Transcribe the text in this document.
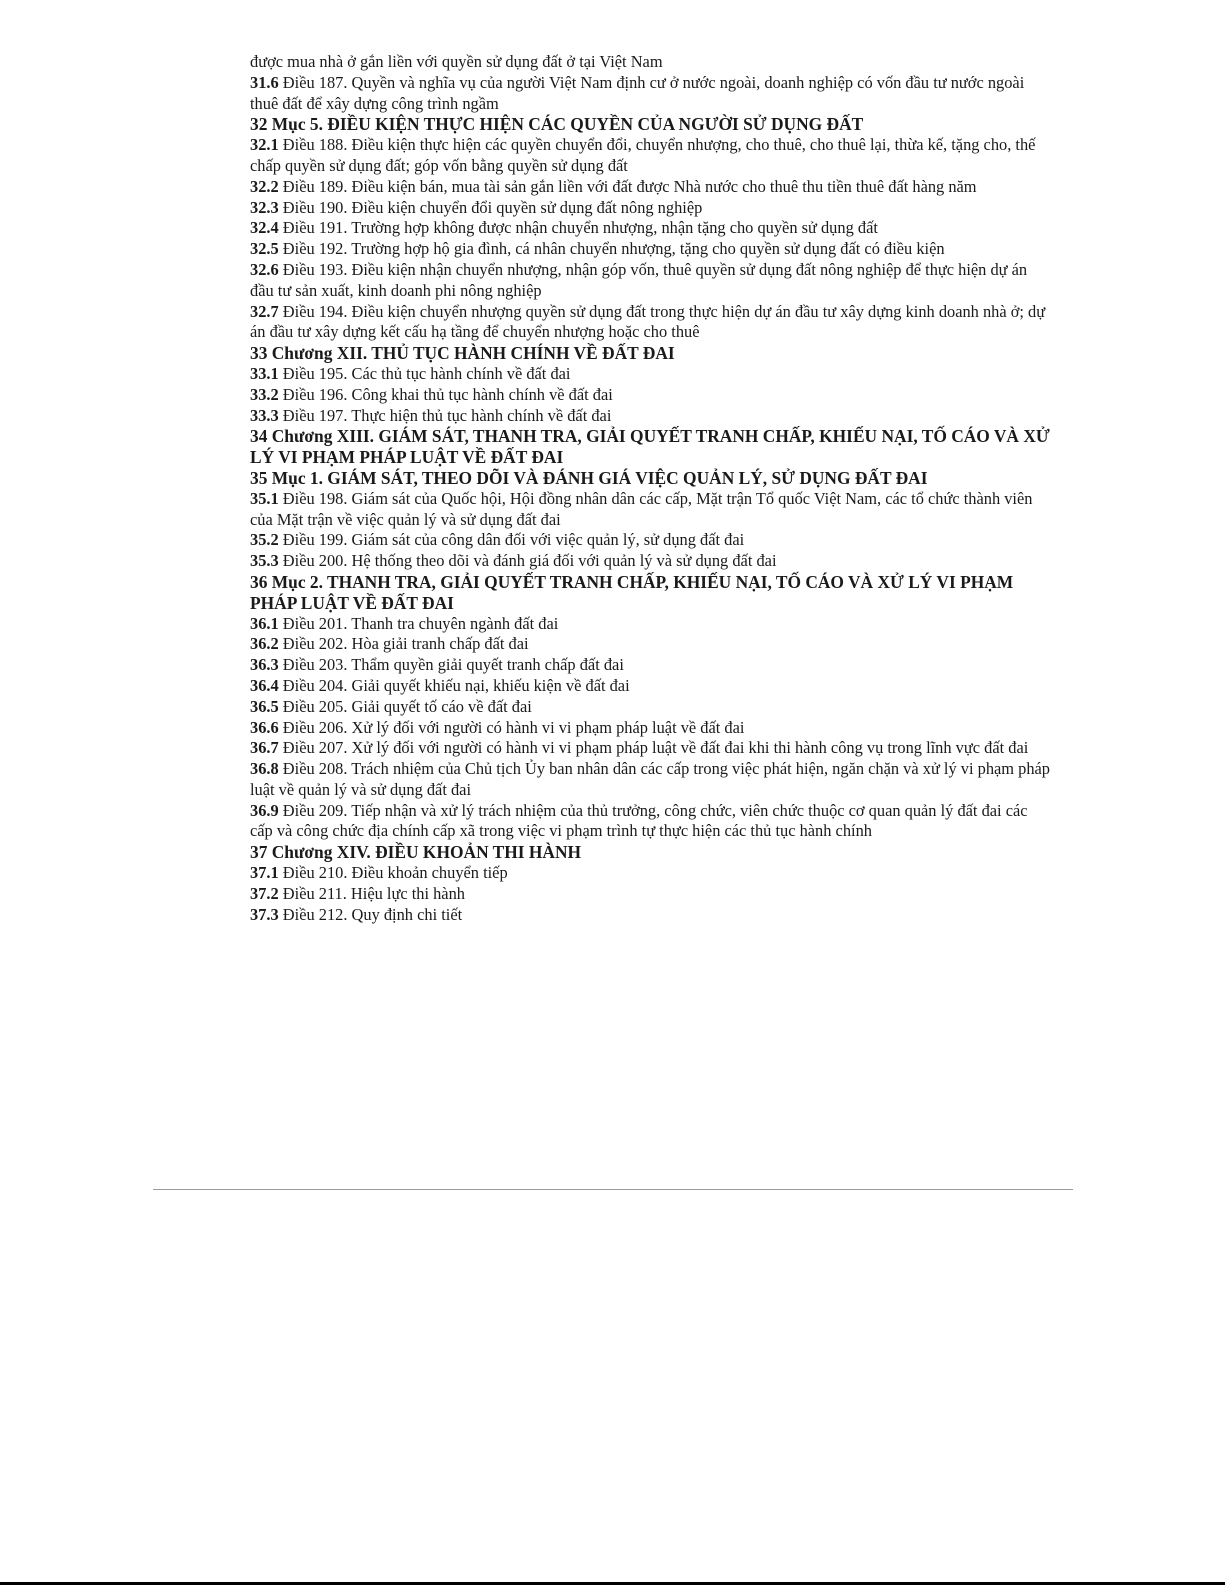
được mua nhà ở gắn liền với quyền sử dụng đất ở tại Việt Nam

31.6 Điều 187. Quyền và nghĩa vụ của người Việt Nam định cư ở nước ngoài, doanh nghiệp có vốn đầu tư nước ngoài thuê đất để xây dựng công trình ngầm

32 Mục 5. ĐIỀU KIỆN THỰC HIỆN CÁC QUYỀN CỦA NGƯỜI SỬ DỤNG ĐẤT

32.1 Điều 188. Điều kiện thực hiện các quyền chuyển đổi, chuyển nhượng, cho thuê, cho thuê lại, thừa kế, tặng cho, thế chấp quyền sử dụng đất; góp vốn bằng quyền sử dụng đất

32.2 Điều 189. Điều kiện bán, mua tài sản gắn liền với đất được Nhà nước cho thuê thu tiền thuê đất hàng năm

32.3 Điều 190. Điều kiện chuyển đổi quyền sử dụng đất nông nghiệp

32.4 Điều 191. Trường hợp không được nhận chuyển nhượng, nhận tặng cho quyền sử dụng đất

32.5 Điều 192. Trường hợp hộ gia đình, cá nhân chuyển nhượng, tặng cho quyền sử dụng đất có điều kiện

32.6 Điều 193. Điều kiện nhận chuyển nhượng, nhận góp vốn, thuê quyền sử dụng đất nông nghiệp để thực hiện dự án đầu tư sản xuất, kinh doanh phi nông nghiệp

32.7 Điều 194. Điều kiện chuyển nhượng quyền sử dụng đất trong thực hiện dự án đầu tư xây dựng kinh doanh nhà ở; dự án đầu tư xây dựng kết cấu hạ tầng để chuyển nhượng hoặc cho thuê

33 Chương XII. THỦ TỤC HÀNH CHÍNH VỀ ĐẤT ĐAI

33.1 Điều 195. Các thủ tục hành chính về đất đai

33.2 Điều 196. Công khai thủ tục hành chính về đất đai

33.3 Điều 197. Thực hiện thủ tục hành chính về đất đai

34 Chương XIII. GIÁM SÁT, THANH TRA, GIẢI QUYẾT TRANH CHẤP, KHIẾU NẠI, TỐ CÁO VÀ XỬ LÝ VI PHẠM PHÁP LUẬT VỀ ĐẤT ĐAI

35 Mục 1. GIÁM SÁT, THEO DÕI VÀ ĐÁNH GIÁ VIỆC QUẢN LÝ, SỬ DỤNG ĐẤT ĐAI

35.1 Điều 198. Giám sát của Quốc hội, Hội đồng nhân dân các cấp, Mặt trận Tổ quốc Việt Nam, các tổ chức thành viên của Mặt trận về việc quản lý và sử dụng đất đai

35.2 Điều 199. Giám sát của công dân đối với việc quản lý, sử dụng đất đai

35.3 Điều 200. Hệ thống theo dõi và đánh giá đối với quản lý và sử dụng đất đai

36 Mục 2. THANH TRA, GIẢI QUYẾT TRANH CHẤP, KHIẾU NẠI, TỐ CÁO VÀ XỬ LÝ VI PHẠM PHÁP LUẬT VỀ ĐẤT ĐAI

36.1 Điều 201. Thanh tra chuyên ngành đất đai

36.2 Điều 202. Hòa giải tranh chấp đất đai

36.3 Điều 203. Thẩm quyền giải quyết tranh chấp đất đai

36.4 Điều 204. Giải quyết khiếu nại, khiếu kiện về đất đai

36.5 Điều 205. Giải quyết tố cáo về đất đai

36.6 Điều 206. Xử lý đối với người có hành vi vi phạm pháp luật về đất đai

36.7 Điều 207. Xử lý đối với người có hành vi vi phạm pháp luật về đất đai khi thi hành công vụ trong lĩnh vực đất đai

36.8 Điều 208. Trách nhiệm của Chủ tịch Ủy ban nhân dân các cấp trong việc phát hiện, ngăn chặn và xử lý vi phạm pháp luật về quản lý và sử dụng đất đai

36.9 Điều 209. Tiếp nhận và xử lý trách nhiệm của thủ trưởng, công chức, viên chức thuộc cơ quan quản lý đất đai các cấp và công chức địa chính cấp xã trong việc vi phạm trình tự thực hiện các thủ tục hành chính

37 Chương XIV. ĐIỀU KHOẢN THI HÀNH

37.1 Điều 210. Điều khoản chuyển tiếp

37.2 Điều 211. Hiệu lực thi hành

37.3 Điều 212. Quy định chi tiết
